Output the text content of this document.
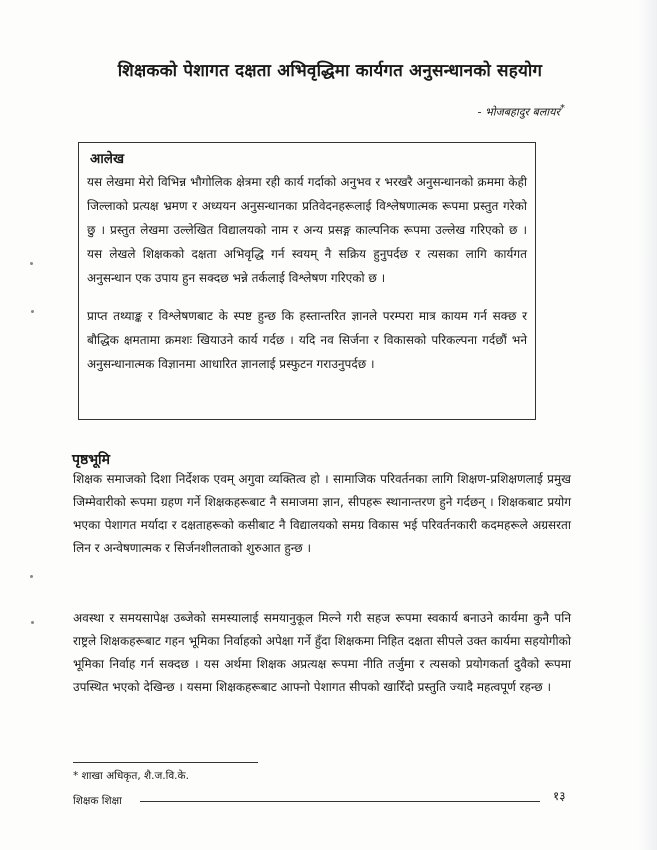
शिक्षकको पेशागत दक्षता अभिवृद्धिमा कार्यगत अनुसन्धानको सहयोग
- भोजबहादुर बलायर*
आलेख

यस लेखमा मेरो विभिन्न भौगोलिक क्षेत्रमा रही कार्य गर्दाको अनुभव र भरखरै अनुसन्धानको क्रममा केही जिल्लाको प्रत्यक्ष भ्रमण र अध्ययन अनुसन्धानका प्रतिवेदनहरूलाई विश्लेषणात्मक रूपमा प्रस्तुत गरेको छु । प्रस्तुत लेखमा उल्लेखित विद्यालयको नाम र अन्य प्रसङ्ग काल्पनिक रूपमा उल्लेख गरिएको छ । यस लेखले शिक्षकको दक्षता अभिवृद्धि गर्न स्वयम् नै सक्रिय हुनुपर्दछ र त्यसका लागि कार्यगत अनुसन्धान एक उपाय हुन सक्दछ भन्ने तर्कलाई विश्लेषण गरिएको छ ।

प्राप्त तथ्याङ्क र विश्लेषणबाट के स्पष्ट हुन्छ कि हस्तान्तरित ज्ञानले परम्परा मात्र कायम गर्न सक्छ र बौद्धिक क्षमतामा क्रमशः खियाउने कार्य गर्दछ । यदि नव सिर्जना र विकासको परिकल्पना गर्दछौं भने अनुसन्धानात्मक विज्ञानमा आधारित ज्ञानलाई प्रस्फुटन गराउनुपर्दछ ।

पृष्ठभूमि
शिक्षक समाजको दिशा निर्देशक एवम् अगुवा व्यक्तित्व हो । सामाजिक परिवर्तनका लागि शिक्षण-प्रशिक्षणलाई प्रमुख जिम्मेवारीको रूपमा ग्रहण गर्ने शिक्षकहरूबाट नै समाजमा ज्ञान, सीपहरू स्थानान्तरण हुने गर्दछन् । शिक्षकबाट प्रयोग भएका पेशागत मर्यादा र दक्षताहरूको कसीबाट नै विद्यालयको समग्र विकास भई परिवर्तनकारी कदमहरूले अग्रसरता लिन र अन्वेषणात्मक र सिर्जनशीलताको शुरुआत हुन्छ ।
अवस्था र समयसापेक्ष उब्जेको समस्यालाई समयानुकूल मिल्ने गरी सहज रूपमा स्वकार्य बनाउने कार्यमा कुनै पनि राष्ट्रले शिक्षकहरूबाट गहन भूमिका निर्वाहको अपेक्षा गर्ने हुँदा शिक्षकमा निहित दक्षता सीपले उक्त कार्यमा सहयोगीको भूमिका निर्वाह गर्न सक्दछ । यस अर्थमा शिक्षक अप्रत्यक्ष रूपमा नीति तर्जुमा र त्यसको प्रयोगकर्ता दुवैको रूपमा उपस्थित भएको देखिन्छ । यसमा शिक्षकहरूबाट आफ्नो पेशागत सीपको खारिँदो प्रस्तुति ज्यादै महत्वपूर्ण रहन्छ ।
* शाखा अधिकृत, शै.ज.वि.के.
शिक्षक शिक्षा	१३
